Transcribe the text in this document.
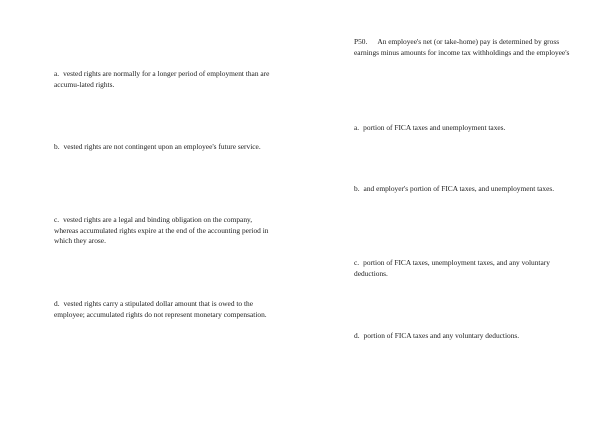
a. vested rights are normally for a longer period of employment than are accumu-lated rights.

b. vested rights are not contingent upon an employee's future service.

c. vested rights are a legal and binding obligation on the company, whereas accumulated rights expire at the end of the accounting period in which they arose.

d. vested rights carry a stipulated dollar amount that is owed to the employee; accumulated rights do not represent monetary compensation.

P50. An employee's net (or take-home) pay is determined by gross earnings minus amounts for income tax withholdings and the employee's

a. portion of FICA taxes and unemployment taxes.

b. and employer's portion of FICA taxes, and unemployment taxes.

c. portion of FICA taxes, unemployment taxes, and any voluntary deductions.

d. portion of FICA taxes and any voluntary deductions.
